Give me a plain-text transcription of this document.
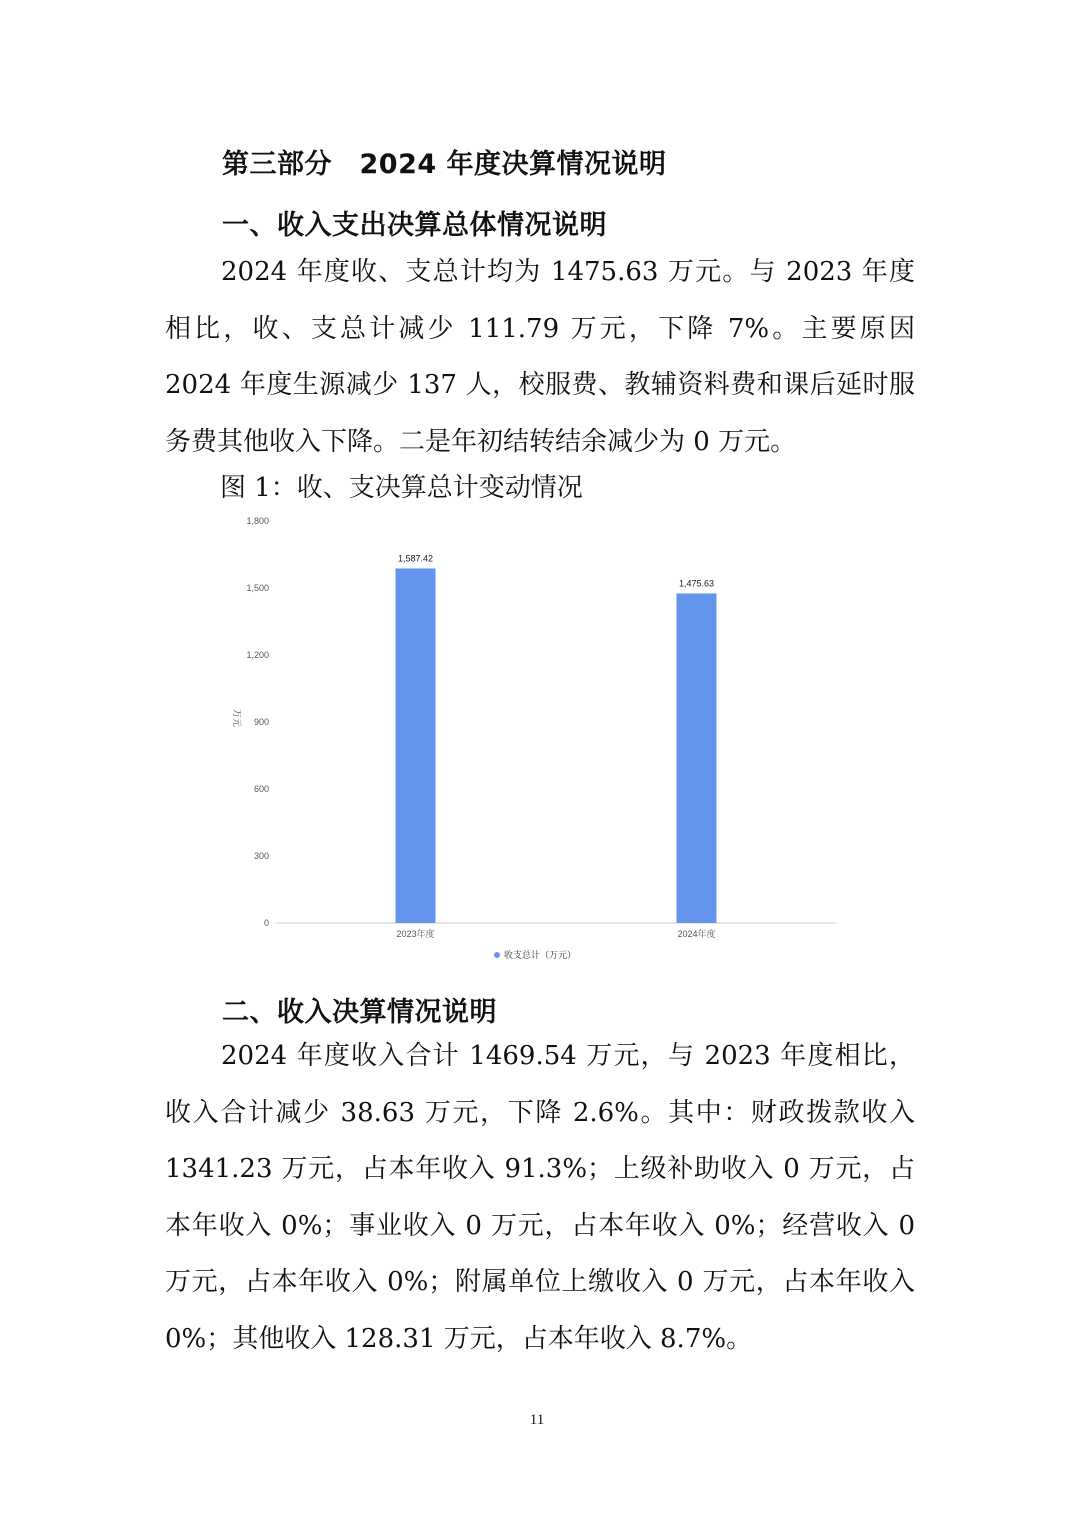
第三部分　2024 年度决算情况说明
一、收入支出决算总体情况说明
2024 年度收、支总计均为 1475.63 万元。与 2023 年度相比，收、支总计减少 111.79 万元，下降 7%。主要原因 2024 年度生源减少 137 人，校服费、教辅资料费和课后延时服务费其他收入下降。二是年初结转结余减少为 0 万元。
图 1：收、支决算总计变动情况
0
300
600
900
1,200
1,500
1,800
万元
1,587.42
1,475.63
2023年度	2024年度
收支总计（万元）
二、收入决算情况说明
2024 年度收入合计 1469.54 万元，与 2023 年度相比，收入合计减少 38.63 万元，下降 2.6%。其中：财政拨款收入 1341.23 万元，占本年收入 91.3%；上级补助收入 0 万元，占本年收入 0%；事业收入 0 万元，占本年收入 0%；经营收入 0 万元，占本年收入 0%；附属单位上缴收入 0 万元，占本年收入 0%；其他收入 128.31 万元，占本年收入 8.7%。
11
